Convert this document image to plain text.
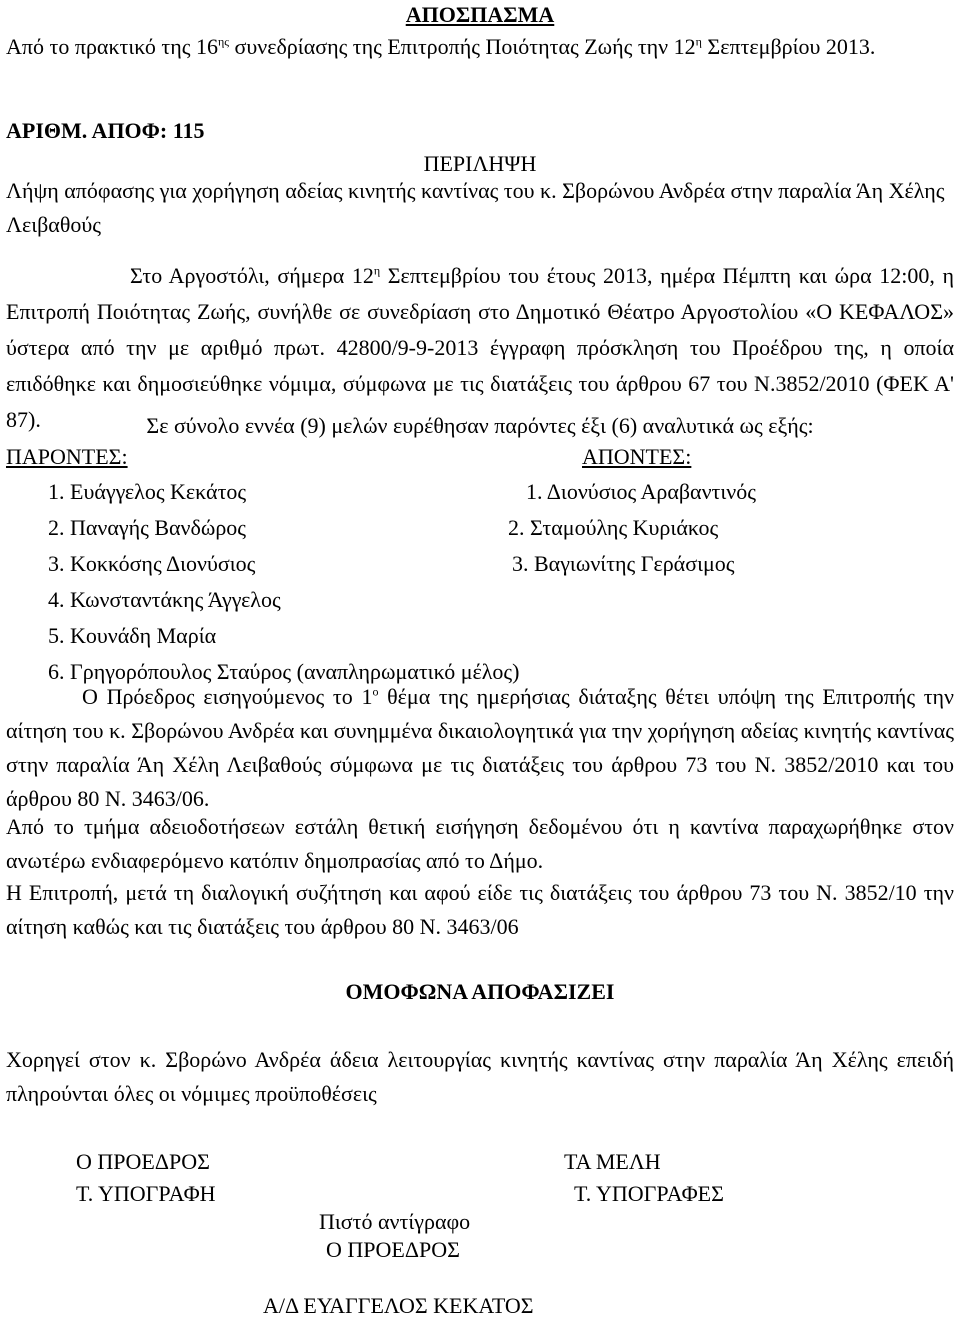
ΑΠΟΣΠΑΣΜΑ
Από το πρακτικό της $16^{\eta\varsigma}$ συνεδρίασης της Επιτροπής Ποιότητας Ζωής την $12^\eta$ Σεπτεμβρίου 2013.
ΑΡΙΘΜ. ΑΠΟΦ: 115
ΠΕΡΙΛΗΨΗ
Λήψη απόφασης για χορήγηση αδείας κινητής καντίνας του κ. Σβορώνου Ανδρέα στην παραλία Άη Χέλης Λειβαθούς
Στο Αργοστόλι, σήμερα $12^\eta$ Σεπτεμβρίου του έτους 2013, ημέρα Πέμπτη και ώρα 12:00, η Επιτροπή Ποιότητας Ζωής, συνήλθε σε συνεδρίαση στο Δημοτικό Θέατρο Αργοστολίου «Ο ΚΕΦΑΛΟΣ» ύστερα από την με αριθμό πρωτ. 42800/9-9-2013 έγγραφη πρόσκληση του Προέδρου της, η οποία επιδόθηκε και δημοσιεύθηκε νόμιμα, σύμφωνα με τις διατάξεις του άρθρου 67 του Ν.3852/2010 (ΦΕΚ Α' 87).	Σε σύνολο εννέα (9) μελών ευρέθησαν παρόντες έξι (6) αναλυτικά ως εξής:
ΠΑΡΟΝΤΕΣ:	ΑΠΟΝΤΕΣ:
1. Ευάγγελος Κεκάτος
2. Παναγής Βανδώρος
3. Κοκκόσης Διονύσιος
4. Κωνσταντάκης Άγγελος
5. Κουνάδη Μαρία
6. Γρηγορόπουλος Σταύρος (αναπληρωματικό μέλος)
1. Διονύσιος Αραβαντινός
2. Σταμούλης Κυριάκος
3. Βαγιωνίτης Γεράσιμος
Ο Πρόεδρος εισηγούμενος το $1^o$ θέμα της ημερήσιας διάταξης θέτει υπόψη της Επιτροπής την αίτηση του κ. Σβορώνου Ανδρέα και συνημμένα δικαιολογητικά για την χορήγηση αδείας κινητής καντίνας στην παραλία Άη Χέλη Λειβαθούς σύμφωνα με τις διατάξεις του άρθρου 73 του Ν. 3852/2010 και του άρθρου 80 Ν. 3463/06.
Από το τμήμα αδειοδοτήσεων εστάλη θετική εισήγηση δεδομένου ότι η καντίνα παραχωρήθηκε στον ανωτέρω ενδιαφερόμενο κατόπιν δημοπρασίας από το Δήμο.
Η Επιτροπή, μετά τη διαλογική συζήτηση και αφού είδε τις διατάξεις του άρθρου 73 του Ν. 3852/10 την αίτηση καθώς και τις διατάξεις του άρθρου 80 Ν. 3463/06
ΟΜΟΦΩΝΑ ΑΠΟΦΑΣΙΖΕΙ
Χορηγεί στον κ. Σβορώνο Ανδρέα άδεια λειτουργίας κινητής καντίνας στην παραλία Άη Χέλης επειδή πληρούνται όλες οι νόμιμες προϋποθέσεις
Ο ΠΡΟΕΔΡΟΣ
Τ. ΥΠΟΓΡΑΦΗ
ΤΑ ΜΕΛΗ
Τ. ΥΠΟΓΡΑΦΕΣ
Πιστό αντίγραφο
Ο ΠΡΟΕΔΡΟΣ
Α/Δ ΕΥΑΓΓΕΛΟΣ ΚΕΚΑΤΟΣ
